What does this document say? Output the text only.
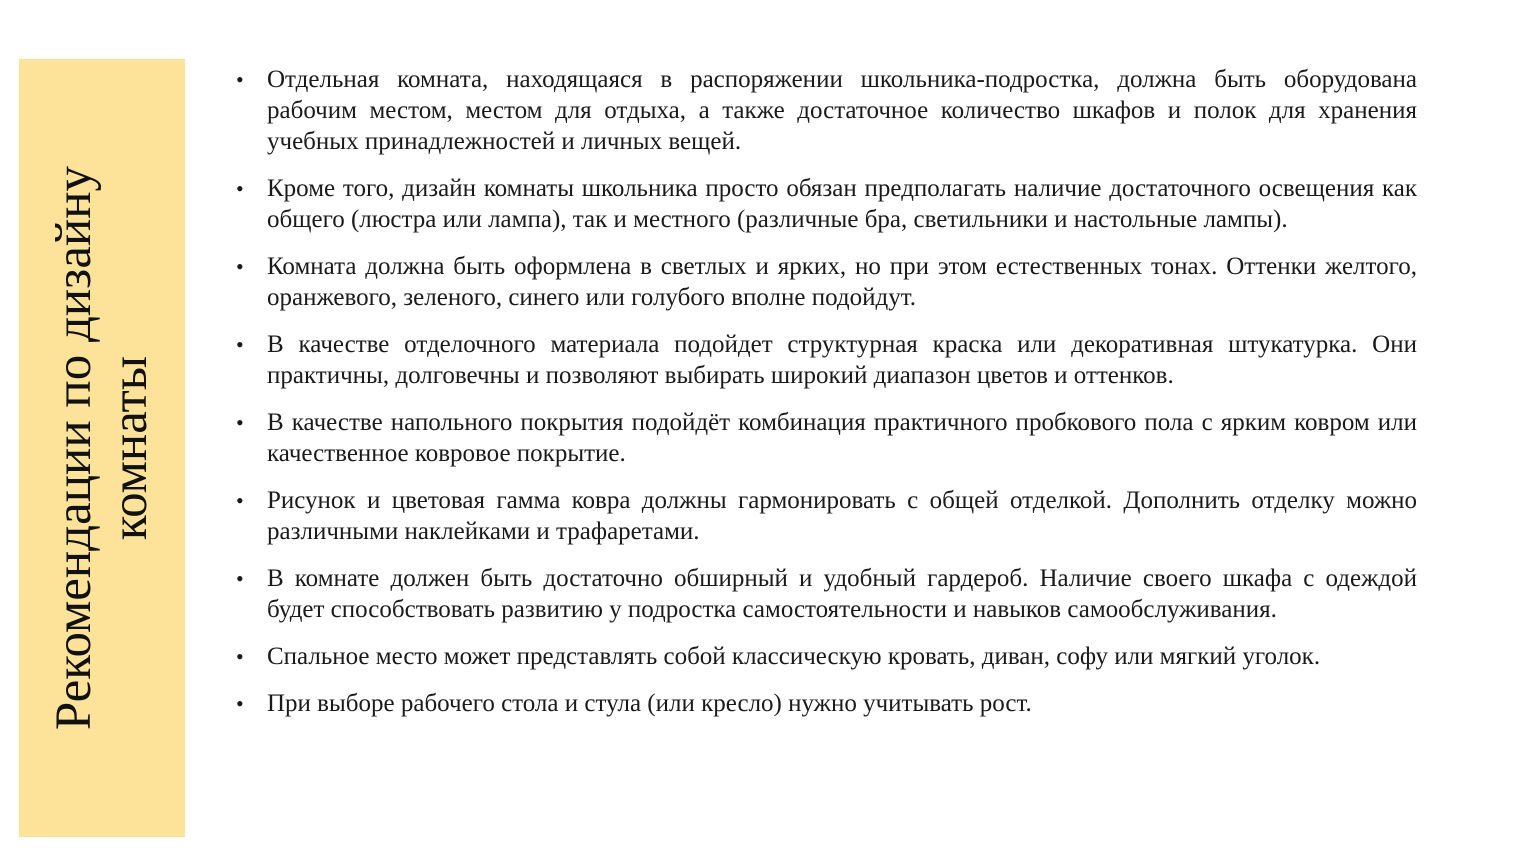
Рекомендации по дизайну комнаты
• Отдельная комната, находящаяся в распоряжении школьника-подростка, должна быть оборудована рабочим местом, местом для отдыха, а также достаточное количество шкафов и полок для хранения учебных принадлежностей и личных вещей.
• Кроме того, дизайн комнаты школьника просто обязан предполагать наличие достаточного освещения как общего (люстра или лампа), так и местного (различные бра, светильники и настольные лампы).
• Комната должна быть оформлена в светлых и ярких, но при этом естественных тонах. Оттенки желтого, оранжевого, зеленого, синего или голубого вполне подойдут.
• В качестве отделочного материала подойдет структурная краска или декоративная штукатурка. Они практичны, долговечны и позволяют выбирать широкий диапазон цветов и оттенков.
• В качестве напольного покрытия подойдёт комбинация практичного пробкового пола с ярким ковром или качественное ковровое покрытие.
• Рисунок и цветовая гамма ковра должны гармонировать с общей отделкой. Дополнить отделку можно различными наклейками и трафаретами.
• В комнате должен быть достаточно обширный и удобный гардероб. Наличие своего шкафа с одеждой будет способствовать развитию у подростка самостоятельности и навыков самообслуживания.
• Спальное место может представлять собой классическую кровать, диван, софу или мягкий уголок.
• При выборе рабочего стола и стула (или кресло) нужно учитывать рост.
